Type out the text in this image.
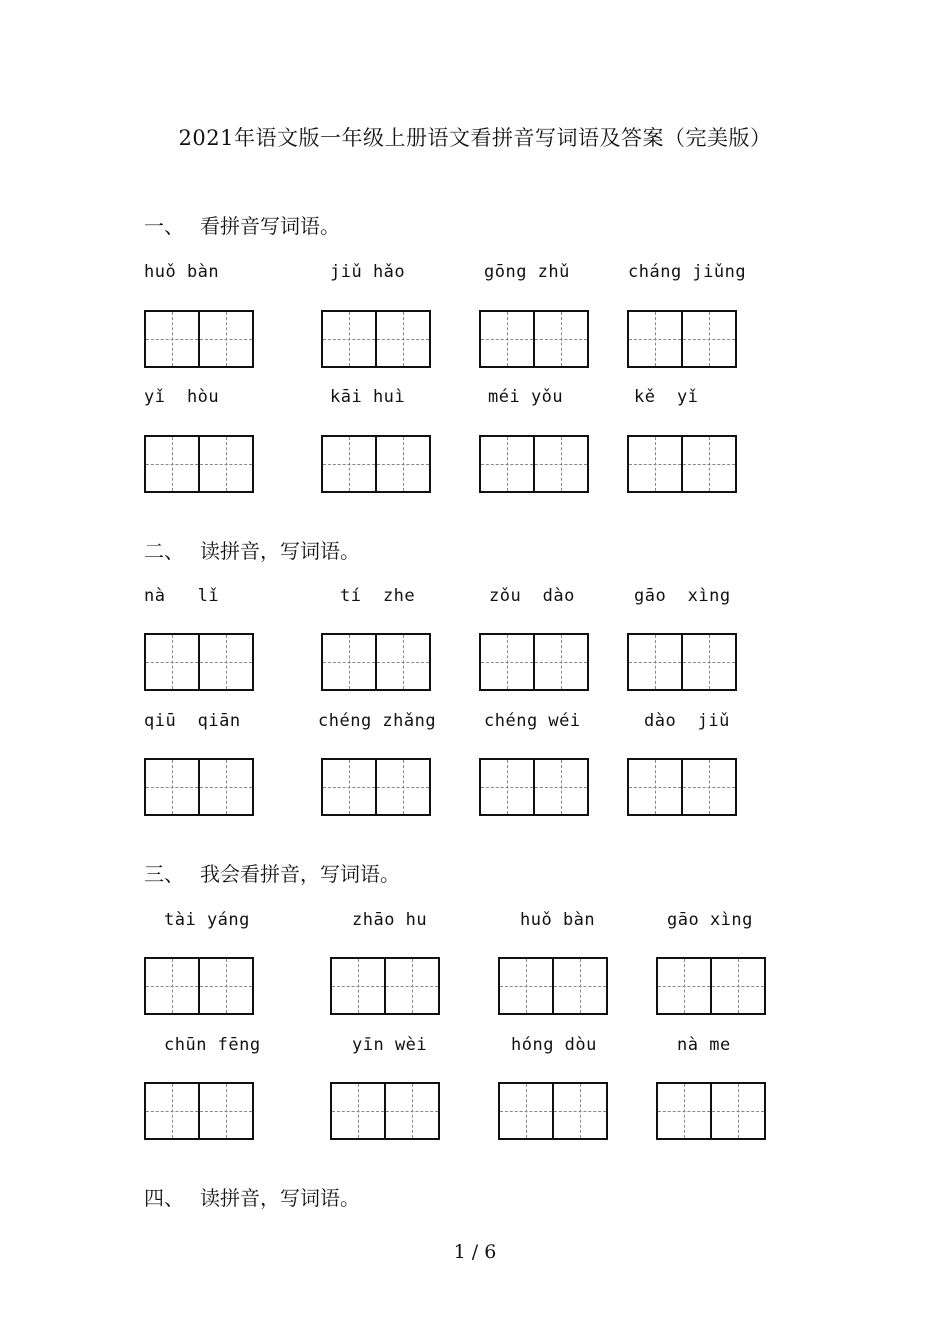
2021年语文版一年级上册语文看拼音写词语及答案（完美版）
一、 看拼音写词语。
huǒ bàn	jiǔ hǎo	gōng zhǔ	cháng jiǔng
yǐ  hòu	kāi huì	méi yǒu	kě  yǐ
二、 读拼音，写词语。
nà   lǐ	tí  zhe	zǒu  dào	gāo  xìng
qiū  qiān	chéng zhǎng	chéng wéi	dào  jiǔ
三、 我会看拼音，写词语。
tài yáng	zhāo hu	huǒ bàn	gāo xìng
chūn fēng	yīn wèi	hóng dòu	nà me
四、 读拼音，写词语。
1 / 6
